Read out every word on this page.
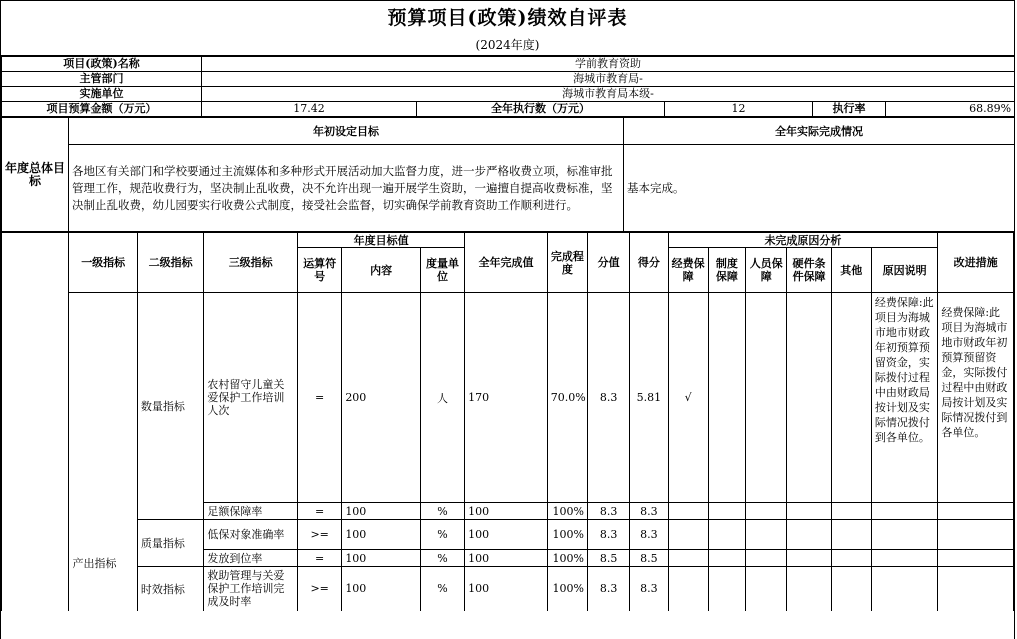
预算项目(政策)绩效自评表
(2024年度)
项目(政策)名称	学前教育资助				
主管部门	海城市教育局-				
实施单位	海城市教育局本级-				
项目预算金额（万元）	17.42	全年执行数（万元）	12	执行率	68.89%
年度总体目标	年初设定目标	全年实际完成情况
	各地区有关部门和学校要通过主流媒体和多种形式开展活动加大监督力度，进一步严格收费立项，标准审批管理工作，规范收费行为，坚决制止乱收费，决不允许出现一遍开展学生资助，一遍擅自提高收费标准，坚决制止乱收费，幼儿园要实行收费公式制度，接受社会监督，切实确保学前教育资助工作顺利进行。	基本完成。
	一级指标	二级指标	三级指标	年度目标值			全年完成值	完成程度	分值	得分	未完成原因分析						改进措施
				运算符号	内容	度量单位					经费保障	制度保障	人员保障	硬件条件保障	其他	原因说明	
	产出指标	数量指标	农村留守儿童关爱保护工作培训人次	=	200	人	170	70.0%	8.3	5.81	√					经费保障:此项目为海城市地市财政年初预算预留资金，实际拨付过程中由财政局按计划及实际情况拨付到各单位。	经费保障:此项目为海城市地市财政年初预算预留资金，实际拨付过程中由财政局按计划及实际情况拨付到各单位。
			足额保障率	=	100	%	100	100%	8.3	8.3							
		质量指标	低保对象准确率	>=	100	%	100	100%	8.3	8.3							
			发放到位率	=	100	%	100	100%	8.5	8.5							
		时效指标	救助管理与关爱保护工作培训完成及时率	>=	100	%	100	100%	8.3	8.3							
